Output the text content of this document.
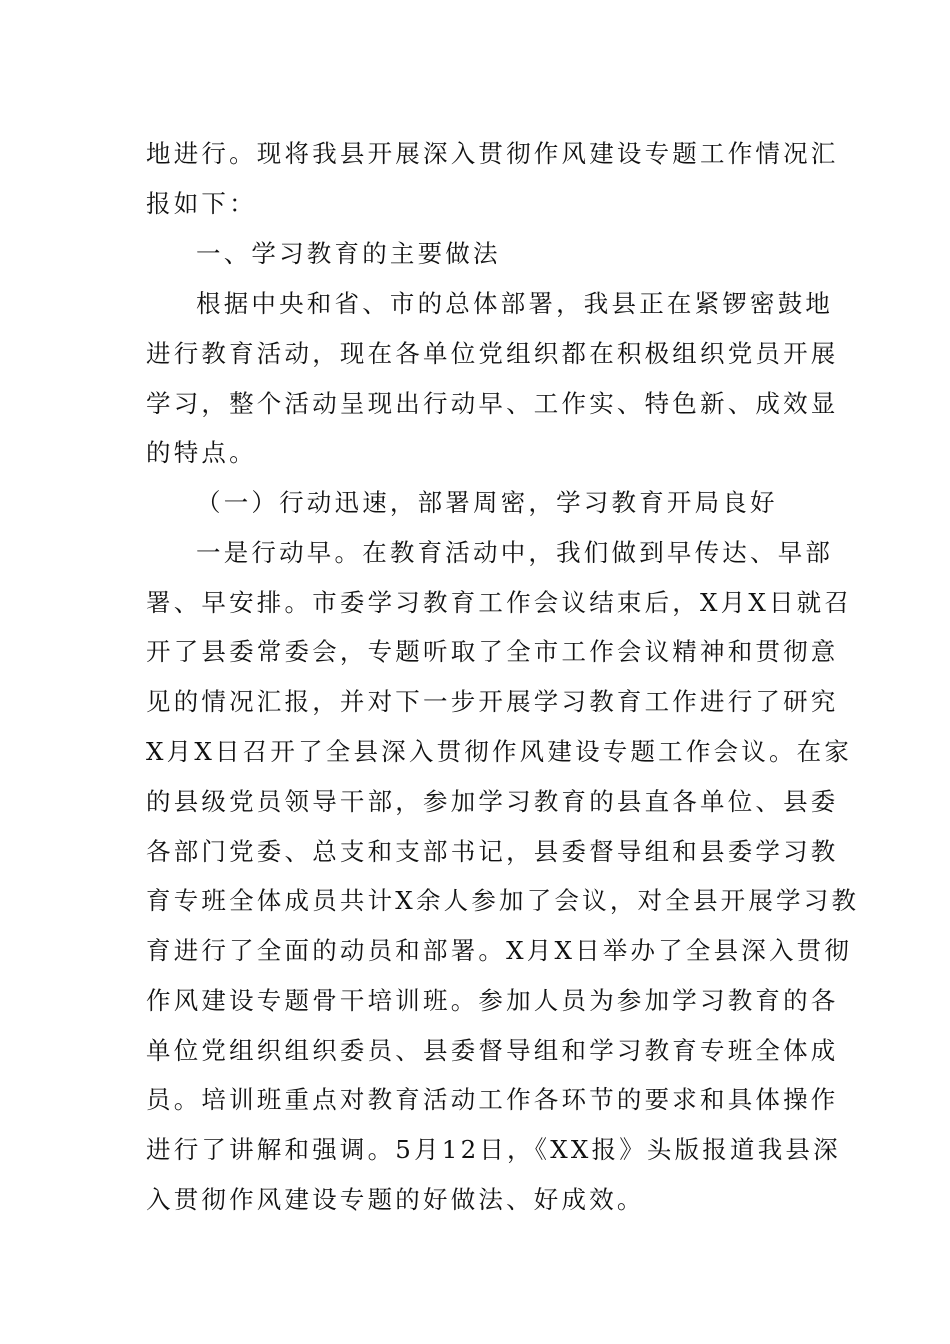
地进行。现将我县开展深入贯彻作风建设专题工作情况汇
报如下：
一、学习教育的主要做法
根据中央和省、市的总体部署，我县正在紧锣密鼓地
进行教育活动，现在各单位党组织都在积极组织党员开展
学习，整个活动呈现出行动早、工作实、特色新、成效显
的特点。
（一）行动迅速，部署周密，学习教育开局良好
一是行动早。在教育活动中，我们做到早传达、早部
署、早安排。市委学习教育工作会议结束后，X月X日就召
开了县委常委会，专题听取了全市工作会议精神和贯彻意
见的情况汇报，并对下一步开展学习教育工作进行了研究
X月X日召开了全县深入贯彻作风建设专题工作会议。在家
的县级党员领导干部，参加学习教育的县直各单位、县委
各部门党委、总支和支部书记，县委督导组和县委学习教
育专班全体成员共计X余人参加了会议，对全县开展学习教
育进行了全面的动员和部署。X月X日举办了全县深入贯彻
作风建设专题骨干培训班。参加人员为参加学习教育的各
单位党组织组织委员、县委督导组和学习教育专班全体成
员。培训班重点对教育活动工作各环节的要求和具体操作
进行了讲解和强调。5月12日，《XX报》头版报道我县深
入贯彻作风建设专题的好做法、好成效。
